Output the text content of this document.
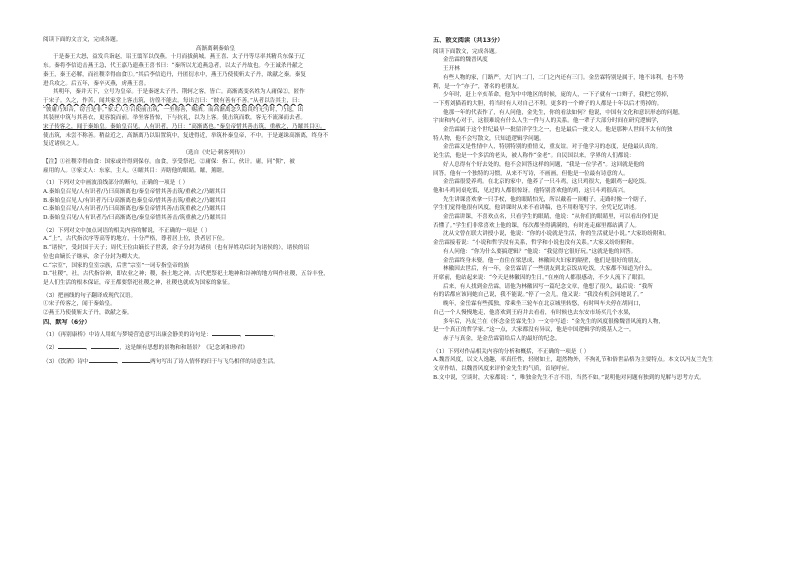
阅读下面的文言文，完成各题。

高渐离刺秦始皇

于是秦王大怒，益发兵诣赵，诏王翦军以伐燕。十月而拔蓟城。燕王喜、太子丹等尽率其精兵东保于辽

东。秦将李信追击燕王急，代王嘉乃遗燕王喜书曰：“秦所以尤追燕急者，以太子丹故也。今王诚杀丹献之

秦王，秦王必解，而社稷幸得血食①。”其后李信追丹，丹匿衍水中，燕王乃使使斩太子丹，欲献之秦。秦复

进兵攻之。后五年，秦卒灭燕，虏燕王喜。

其明年，秦并天下，立号为皇帝。于是秦逐太子丹、荆轲之客，皆亡。高渐离变名姓为人庸保②，匿作

于宋子。久之，作苦，闻其家堂上客击筑，彷徨不能去。每出言曰：“彼有善有不善。”从者以告其主，曰：

“彼庸乃知音，窃言是非。”家丈人③召使前击筑，一坐称善，赐酒。而高渐离念久隐畏约无穷时，乃退，出

其装匣中筑与其善衣，更容貌而前。举坐客皆惊，下与抗礼，以为上客。使击筑而歌，客无不流涕而去者。

宋子传客之，闻于秦始皇。秦始皇召见，人有识者，乃曰：“高渐离也。”秦皇帝惜其善击筑，重赦之，乃矐其目④。

使击筑，未尝不称善。稍益近之，高渐离乃以铅置筑中，复进得近，举筑朴秦皇帝，不中。于是遂诛高渐离，终身不

复近诸侯之人。

（选自《史记·刺客列传》）

【注】①社稷幸得血食：国家或许得到保存。血食，享受祭祀。②庸保：指工，伙计。庸，同“佣”，被

雇用的人。③家丈人：东家，主人。④矐其目：弄瞎他的眼睛。矐，薰瞎。

（1）下列对文中画波浪线部分的断句，正确的一项是（ ）

A.秦始皇召见/人有识者/乃曰高渐离也/秦皇帝惜其善击筑/重赦之/乃矐其目

B.秦始皇召见人/有识者乃曰/高渐离也秦皇帝/惜其善击筑/重赦之/乃矐其目

C.秦始皇召见/人有识者/乃曰高渐离也/秦皇帝惜其善/击筑重赦之/乃矐其目

D.秦始皇召见/人有识者乃/曰高渐离也/秦皇帝惜其善击/筑重赦之/乃矐其目

（2）下列对文中加点词语的相关内容的解说，不正确的一项是（ ）

A.“上”，古代指次序等高等的地方，十分严格，尊者居上位，贵者居下位。

B.“诸侯”，受封国于天子；周代王位由嫡长子世袭，余子分封为诸侯（也有异姓功臣封为诸侯的），诸侯的诏

位也由嫡长子继承，余子分封为卿大夫。

C.“宗室”，国家的皇室宗族，后世“宗室”一词专指皇帝的族

D.“社稷”，社，古代指谷神，即农业之神；稷，指土地之神。古代把祭祀土地神和谷神的地方叫作社稷，五谷丰登，

是人们生活的根本保证，帝王都要祭祀社稷之神，社稷也就成为国家的象征。

（3）把画线的句子翻译成现代汉语。

①宋子传客之，闻于秦始皇。

②燕王乃使使斩太子丹，欲献之秦。

四、默写（6分）

（1）《再别康桥》中诗人用虹与梦境营造意写出康会静美的诗句是：	，	。

（2）	，	，这是颇有思想的景物和和谐景？《记念刘和珍君》

（3）《饮酒》诗中	，	两句写出了诗人情怀的归于与飞鸟相伴的诗意生活。

五、散文阅读（共13分）

阅读下面散文，完成各题。

金岳霖的魏晋风度

王开林

有些人物的家，门路严，大门内二门，二门之内还有三门。金岳霖特别是属于，地不讳利，也不势

利，是一个“亦子”，著名的老朋友。

少年时，赶上辛亥革命，他为中中地区的时候，庞的人，一下子就有一口辫子，我把它剪掉，

一下剪刘猫着的大胆，将当时有人对自己不利。更多的一个辫子的人都是十年以后才剪掉的。

他那一年的代表作了，有人问他，金先生，你的看法如何？他说，中国有文化和意识形态的问题，

宇宙和内心对于，这很难说有什么人生一件与人的关系。他一辈子大部分时间在研究逻辑学，

金岳霖属于这个世纪最早一批留洋学生之一，也是最后一批文人。他是那种人世间不太有的独

特人物，他不会写散文，只知道逻辑学问题。

金岳霖又是性情中人，特别特别的重情义，重友谊。对于他学习的态度，是他最认真的。

论生活，他是一个多活的老头，被人称作“金老”。自民国以来，学界的人们都说：

好人总得有个好去处的，他不会回答这样的问题，“我是一位学者”。这回就是他的

回答。他有一个独特的习惯，从来不写诗，不画画，但他是一位最有诗意的人。

金岳霖很爱养鸡。在北京的家中，他养了一只斗鸡，这只鸡很大，他跟鸡一起吃饭。

他和斗鸡同桌吃饭，见过的人都很惊讶。他特别喜欢他的鸡，这只斗鸡很高兴。

先生讲课喜欢拿一只手杖，他的眼睛怕光，所以戴着一顶帽子，走路时像一个瞎子，

学生们觉得他很有风度，他讲课时从来不看讲稿，也不用粉笔写字，全凭记忆讲述。

金岳霖讲课，不喜欢点名，只看学生的眼睛，他说：“从你们的眼睛里，可以看出你们是

否懂了。”学生们非常喜欢上他的课，每次都坐得满满的，有时连走廊里都站满了人。

沈从文曾在联大讲授小说，他说：“你的小说就是生活，你的生活就是小说。”大家纷纷附和。

金岳霖接着说：“小说和哲学没有关系，哲学和小说也没有关系。”大家又纷纷附和。

有人问他：“你为什么要搞逻辑？”他说：“我觉得它很好玩。”这就是他的回答。

金岳霖终身未娶。他一直住在梁思成、林徽因夫妇家的隔壁，他们是很好的朋友。

林徽因去世后，有一年，金岳霖请了一些朋友到北京饭店吃饭，大家都不知道为什么。

开席前，他站起来说：“今天是林徽因的生日。”在座的人都很感动，不少人流下了眼泪。

后来，有人找到金岳霖，请他为林徽因写一篇纪念文章，他想了很久，最后说：“我所

有的话都应该同她自己说，我不能说。”停了一会儿，他又说：“我没有机会同她说了。”

晚年，金岳霖有些孤独，常乘坐三轮车在北京城里转悠，有时叫车夫停在胡同口，

自己一个人慢慢地走，他喜欢到王府井去看看，有时候也去东安市场买几个水果，

多年后，冯友兰在《怀念金岳霖先生》一文中写道：“金先生的风度很像魏晋风流的人物，

是一个真正的哲学家。”这一点，大家都没有异议，他是中国逻辑学的奠基人之一。

赤子与真金，是金岳霖留给后人的最好的纪念。

（1）下列对作品相关内容的分析和概括，不正确的一项是（ ）

A.魏晋风度，以文人逸趣，率真任性，轻财如土，超然物外，不拘礼节和俗世品格为主要特点。本文以冯友兰先生

文章作结，以魏晋风度来评价金先生的气质，首尾呼应。

B.文中说，空谈时，大家都说：“，唯独金先生不言不语，当然不如。”说明他对问题有独到的见解与思考方式。
